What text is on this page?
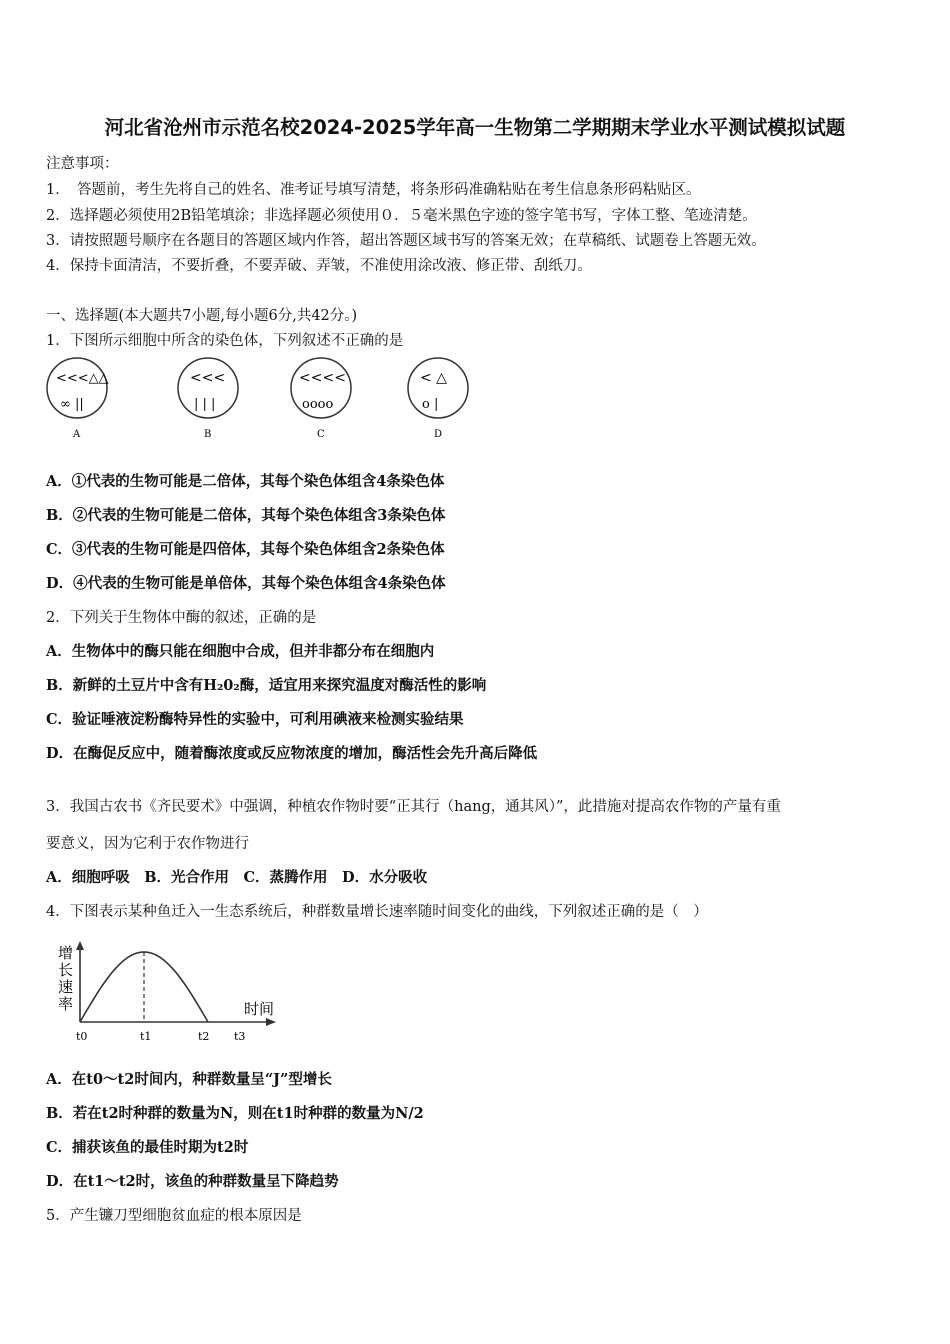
河北省沧州市示范名校2024-2025学年高一生物第二学期期末学业水平测试模拟试题
注意事项：
1．　答题前，考生先将自己的姓名、准考证号填写清楚，将条形码准确粘贴在考生信息条形码粘贴区。
2．选择题必须使用2B铅笔填涂；非选择题必须使用０．５毫米黑色字迹的签字笔书写，字体工整、笔迹清楚。
3．请按照题号顺序在各题目的答题区域内作答，超出答题区域书写的答案无效；在草稿纸、试题卷上答题无效。
4．保持卡面清洁，不要折叠，不要弄破、弄皱，不准使用涂改液、修正带、刮纸刀。
一、选择题(本大题共7小题,每小题6分,共42分。)
1．下图所示细胞中所含的染色体，下列叙述不正确的是
<<<△△
∞ ||
A
<<<
| | |
B
<<<<
oooo
C
< △
o |
D
A．①代表的生物可能是二倍体，其每个染色体组含4条染色体
B．②代表的生物可能是二倍体，其每个染色体组含3条染色体
C．③代表的生物可能是四倍体，其每个染色体组含2条染色体
D．④代表的生物可能是单倍体，其每个染色体组含4条染色体
2．下列关于生物体中酶的叙述，正确的是
A．生物体中的酶只能在细胞中合成，但并非都分布在细胞内
B．新鲜的土豆片中含有H₂0₂酶，适宜用来探究温度对酶活性的影响
C．验证唾液淀粉酶特异性的实验中，可利用碘液来检测实验结果
D．在酶促反应中，随着酶浓度或反应物浓度的增加，酶活性会先升高后降低
3．我国古农书《齐民要术》中强调，种植农作物时要“正其行（hang，通其风）”，此措施对提高农作物的产量有重
要意义，因为它利于农作物进行
A．细胞呼吸　B．光合作用　C．蒸腾作用　D．水分吸收
4．下图表示某种鱼迁入一生态系统后，种群数量增长速率随时间变化的曲线，下列叙述正确的是（　）
增
长
速
率	时间
t0	t1	t2 t3
A．在t0～t2时间内，种群数量呈“J”型增长
B．若在t2时种群的数量为N，则在t1时种群的数量为N/2
C．捕获该鱼的最佳时期为t2时
D．在t1～t2时，该鱼的种群数量呈下降趋势
5．产生镰刀型细胞贫血症的根本原因是
